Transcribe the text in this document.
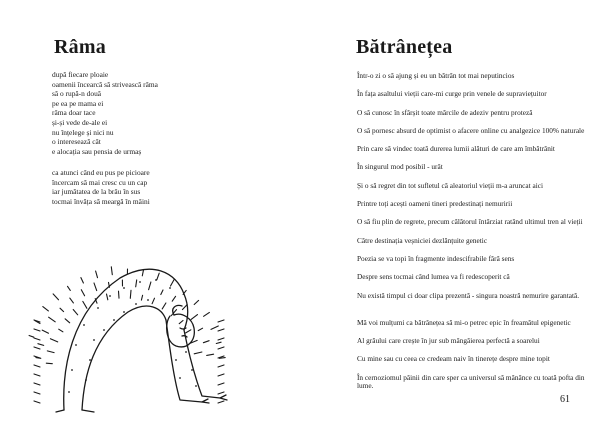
Râma
după fiecare ploaie
oamenii încearcă să strivească râma
să o rupă-n două
pe ea pe mama ei
râma doar tace
și-și vede de-ale ei
nu înțelege și nici nu
o interesează cât
e alocația sau pensia de urmaș
ca atunci când eu pus pe picioare
încercam să mai cresc cu un cap
iar jumătatea de la brâu în sus
tocmai învăța să meargă în mâini
Bătrânețea
Într-o zi o să ajung și eu un bătrân tot mai neputincios
În fața asaltului vieții care-mi curge prin venele de supraviețuitor
O să cunosc în sfârșit toate mărcile de adeziv pentru proteză
O să pornesc absurd de optimist o afacere online cu analgezice 100% naturale
Prin care să vindec toată durerea lumii alături de care am îmbătrânit
În singurul mod posibil - urât
Și o să regret din tot sufletul că aleatoriul vieții m-a aruncat aici
Printre toți acești oameni tineri predestinați nemuririi
O să fiu plin de regrete, precum călătorul întârziat ratând ultimul tren al vieții
Către destinația veșniciei dezlănțuite genetic
Poezia se va topi în fragmente indescifrabile fără sens
Despre sens tocmai când lumea va fi redescoperit că
Nu există timpul ci doar clipa prezentă - singura noastră nemurire garantată.
Mă voi mulțumi ca bătrânețea să mi-o petrec epic în freamătul epigenetic
Al grăului care crește în jur sub mângâierea perfectă a soarelui
Cu mine sau cu ceea ce credeam naiv în tinerețe despre mine topit
În cernoziomul pâinii din care sper ca universul să mănânce cu toată pofta din lume.
61
